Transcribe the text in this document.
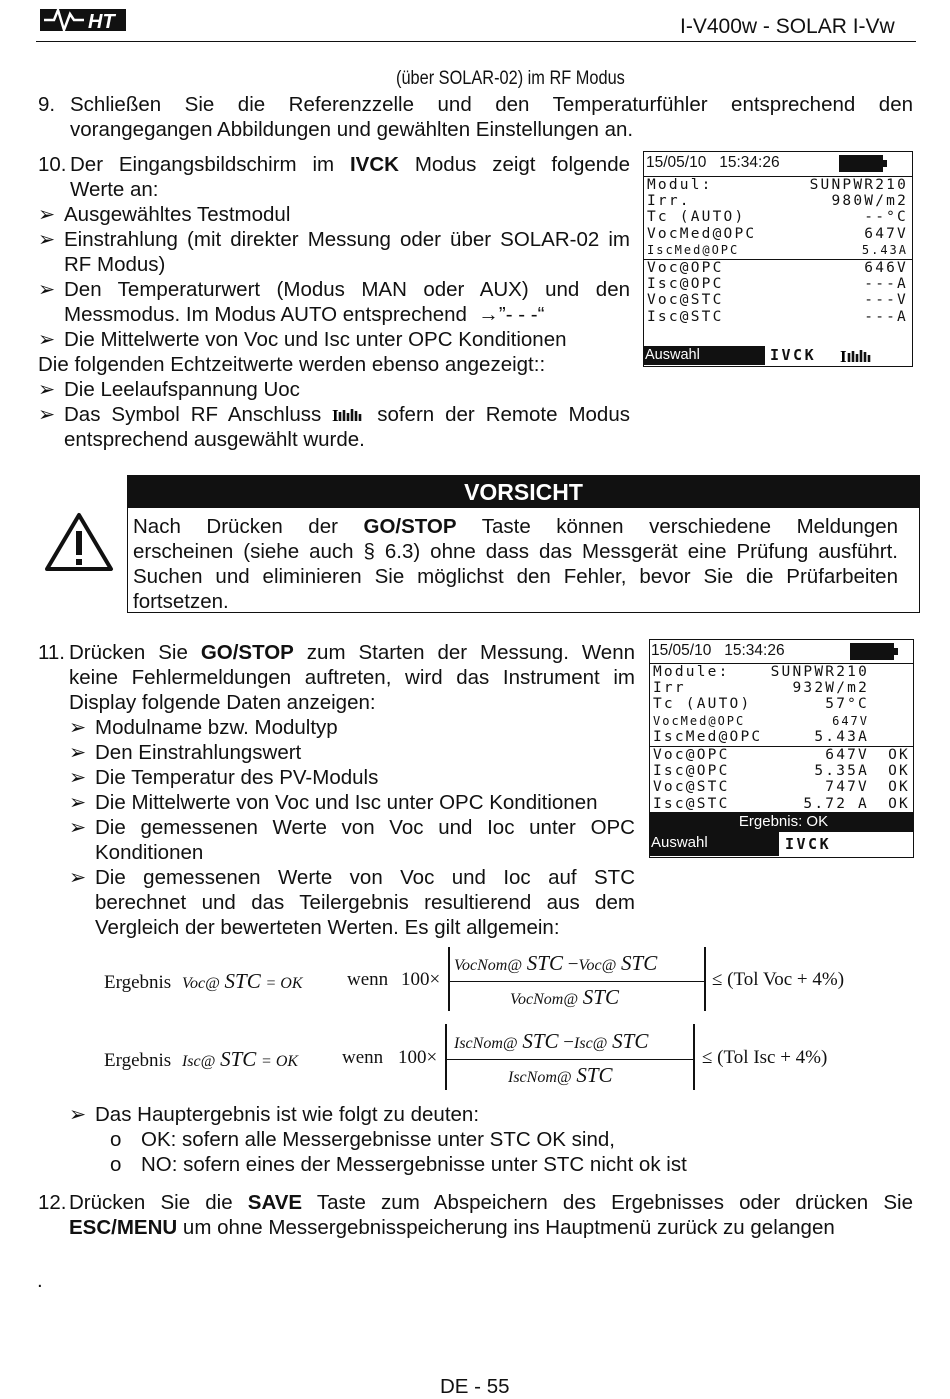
HT	I-V400w - SOLAR I-Vw
(über SOLAR-02) im RF Modus
9. Schließen Sie die Referenzzelle und den Temperaturfühler entsprechend den
vorangegangen Abbildungen und gewählten Einstellungen an.
10. Der Eingangsbildschirm im IVCK Modus zeigt folgende
Werte an:
➢ Ausgewähltes Testmodul
➢ Einstrahlung (mit direkter Messung oder über SOLAR-02 im
RF Modus)
➢ Den Temperaturwert (Modus MAN oder AUX) und den
Messmodus. Im Modus AUTO entsprechend →”- - -“
➢ Die Mittelwerte von Voc und Isc unter OPC Konditionen
Die folgenden Echtzeitwerte werden ebenso angezeigt::
➢ Die Leelaufspannung Uoc
➢ Das Symbol RF Anschluss I sofern der Remote Modus
entsprechend ausgewählt wurde.
15/05/10   15:34:26
Modul:	SUNPWR210
Irr.	980W/m2
Tc (AUTO)	--°C
VocMed@OPC	647V
IscMed@OPC	5.43A
Voc@OPC	646V
Isc@OPC	---A
Voc@STC	---V
Isc@STC	---A
Auswahl	IVCK I
VORSICHT
Nach Drücken der GO/STOP Taste können verschiedene Meldungen
erscheinen (siehe auch § 6.3) ohne dass das Messgerät eine Prüfung ausführt.
Suchen und eliminieren Sie möglichst den Fehler, bevor Sie die Prüfarbeiten
fortsetzen.
11. Drücken Sie GO/STOP zum Starten der Messung. Wenn
keine Fehlermeldungen auftreten, wird das Instrument im
Display folgende Daten anzeigen:
➢ Modulname bzw. Modultyp
➢ Den Einstrahlungswert
➢ Die Temperatur des PV-Moduls
➢ Die Mittelwerte von Voc und Isc unter OPC Konditionen
➢ Die gemessenen Werte von Voc und Ioc unter OPC
Konditionen
➢ Die gemessenen Werte von Voc und Ioc auf STC
berechnet und das Teilergebnis resultierend aus dem
Vergleich der bewerteten Werten. Es gilt allgemein:
15/05/10   15:34:26
Module:	SUNPWR210
Irr	932W/m2
Tc (AUTO)	57°C
VocMed@OPC	647V
IscMed@OPC	5.43A
Voc@OPC	647V OK
Isc@OPC	5.35A OK
Voc@STC	747V OK
Isc@STC	5.72 A OK
Ergebnis: OK
Auswahl	IVCK
Ergebnis Voc@ STC = OK wenn 100×
VocNom@ STC −Voc@ STC
VocNom@ STC
≤ (Tol Voc + 4%)
Ergebnis Isc@ STC = OK wenn 100×
IscNom@ STC −Isc@ STC
IscNom@ STC
≤ (Tol Isc + 4%)
➢ Das Hauptergebnis ist wie folgt zu deuten:
o OK: sofern alle Messergebnisse unter STC OK sind,
o NO: sofern eines der Messergebnisse unter STC nicht ok ist
12. Drücken Sie die SAVE Taste zum Abspeichern des Ergebnisses oder drücken Sie
ESC/MENU um ohne Messergebnisspeicherung ins Hauptmenü zurück zu gelangen
.
DE - 55
